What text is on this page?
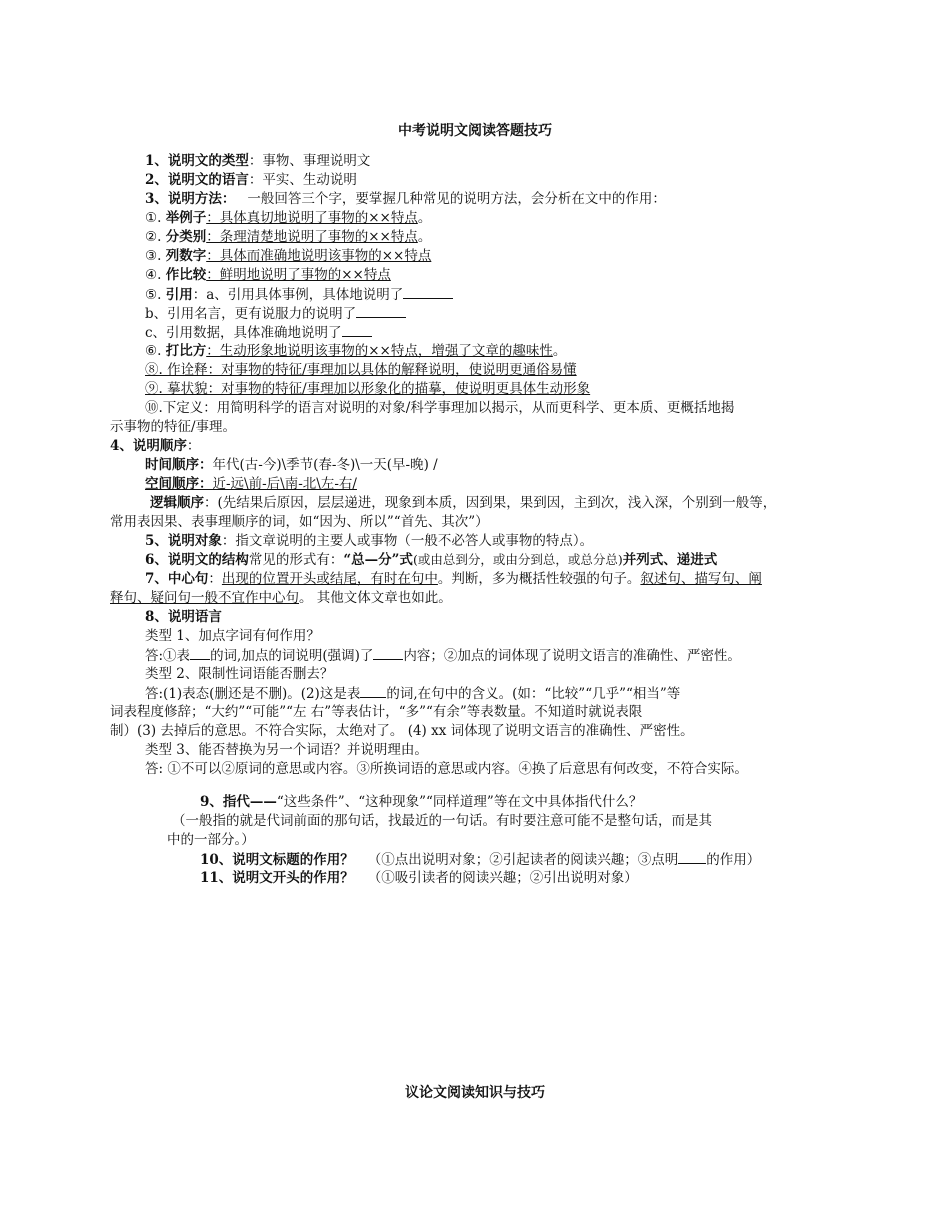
中考说明文阅读答题技巧
1、说明文的类型：事物、事理说明文
2、说明文的语言：平实、生动说明
3、说明方法： 一般回答三个字，要掌握几种常见的说明方法，会分析在文中的作用：
①. 举例子：具体真切地说明了事物的××特点。
②. 分类别：条理清楚地说明了事物的××特点。
③. 列数字：具体而准确地说明该事物的××特点
④. 作比较：鲜明地说明了事物的××特点
⑤. 引用：a、引用具体事例，具体地说明了
b、引用名言，更有说服力的说明了
c、引用数据，具体准确地说明了
⑥. 打比方：生动形象地说明该事物的××特点，增强了文章的趣味性。
⑧. 作诠释：对事物的特征/事理加以具体的解释说明，使说明更通俗易懂
⑨. 摹状貌：对事物的特征/事理加以形象化的描摹，使说明更具体生动形象
⑩.下定义：用简明科学的语言对说明的对象/科学事理加以揭示，从而更科学、更本质、更概括地揭
示事物的特征/事理。
4、说明顺序：
时间顺序：年代(古-今)\季节(春-冬)\一天(早-晚) /
空间顺序：近-远\前-后\南-北\左-右/
逻辑顺序：(先结果后原因，层层递进，现象到本质，因到果，果到因，主到次，浅入深，个别到一般等，
常用表因果、表事理顺序的词，如“因为、所以”“首先、其次”）
5、说明对象：指文章说明的主要人或事物（一般不必答人或事物的特点）。
6、说明文的结构常见的形式有：“总—分”式(或由总到分，或由分到总，或总分总)并列式、递进式
7、中心句：出现的位置开头或结尾，有时在句中。判断，多为概括性较强的句子。叙述句、描写句、阐
释句、疑问句一般不宜作中心句。 其他文体文章也如此。
8、说明语言
类型 1、加点字词有何作用？
答:①表 的词,加点的词说明(强调)了 内容；②加点的词体现了说明文语言的准确性、严密性。
类型 2、限制性词语能否删去？
答:(1)表态(删还是不删)。(2)这是表 的词,在句中的含义。(如：“比较”“几乎”“相当”等
词表程度修辞；“大约”“可能”“左 右”等表估计，“多”“有余”等表数量。不知道时就说表限
制）(3) 去掉后的意思。不符合实际，太绝对了。 (4) xx 词体现了说明文语言的准确性、严密性。
类型 3、能否替换为另一个词语？并说明理由。
答: ①不可以②原词的意思或内容。③所换词语的意思或内容。④换了后意思有何改变，不符合实际。
9、指代——“这些条件”、“这种现象”“同样道理”等在文中具体指代什么？
（一般指的就是代词前面的那句话，找最近的一句话。有时要注意可能不是整句话，而是其
中的一部分。）
10、说明文标题的作用？ （①点出说明对象；②引起读者的阅读兴趣；③点明 的作用）
11、说明文开头的作用？ （①吸引读者的阅读兴趣；②引出说明对象）
议论文阅读知识与技巧
